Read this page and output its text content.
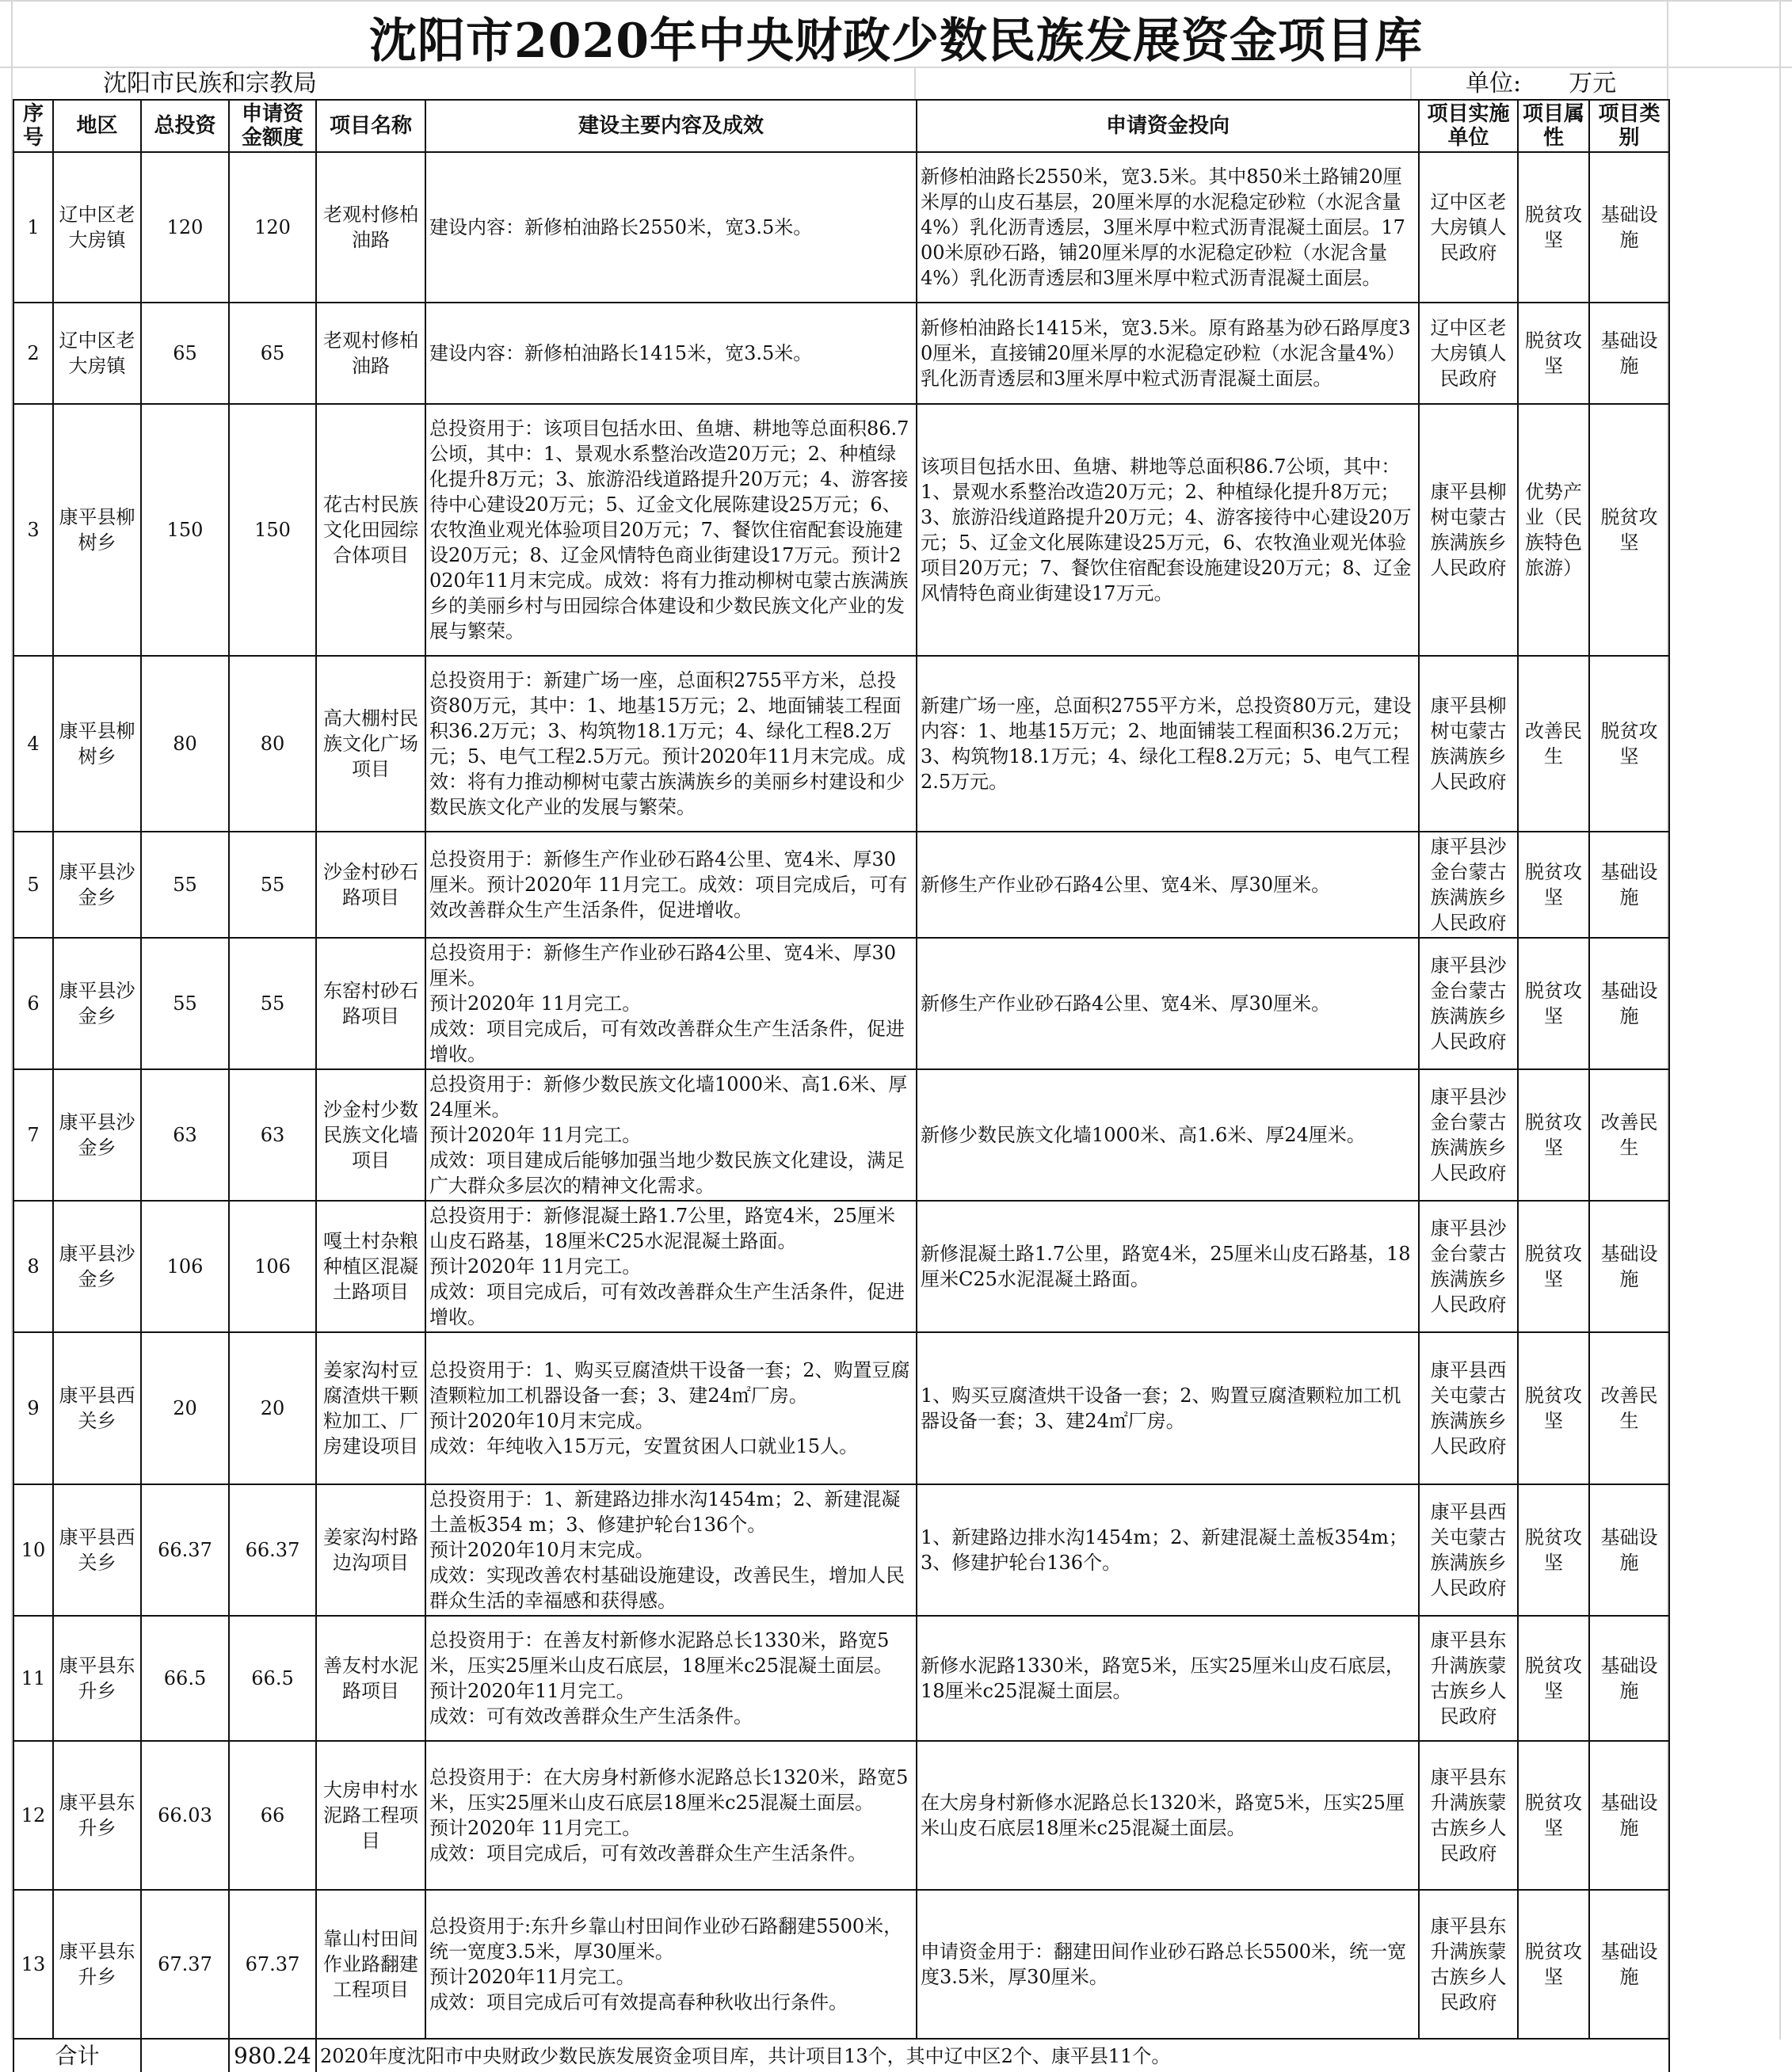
沈阳市2020年中央财政少数民族发展资金项目库
沈阳市民族和宗教局	单位: 万元
序号	地区	总投资	申请资金额度	项目名称	建设主要内容及成效	申请资金投向	项目实施单位	项目属性	项目类别

1	辽中区老大房镇	120	120	老观村修柏油路	建设内容：新修柏油路长2550米，宽3.5米。	新修柏油路长2550米，宽3.5米。其中850米土路铺20厘米厚的山皮石基层，20厘米厚的水泥稳定砂粒（水泥含量4%）乳化沥青透层，3厘米厚中粒式沥青混凝土面层。1700米原砂石路，铺20厘米厚的水泥稳定砂粒（水泥含量4%）乳化沥青透层和3厘米厚中粒式沥青混凝土面层。	辽中区老大房镇人民政府	脱贫攻坚	基础设施

2	辽中区老大房镇	65	65	老观村修柏油路	建设内容：新修柏油路长1415米，宽3.5米。	新修柏油路长1415米，宽3.5米。原有路基为砂石路厚度30厘米，直接铺20厘米厚的水泥稳定砂粒（水泥含量4%）乳化沥青透层和3厘米厚中粒式沥青混凝土面层。	辽中区老大房镇人民政府	脱贫攻坚	基础设施

3	康平县柳树乡	150	150	花古村民族文化田园综合体项目	总投资用于：该项目包括水田、鱼塘、耕地等总面积86.7公顷，其中：1、景观水系整治改造20万元；2、种植绿化提升8万元；3、旅游沿线道路提升20万元；4、游客接待中心建设20万元；5、辽金文化展陈建设25万元；6、农牧渔业观光体验项目20万元；7、餐饮住宿配套设施建设20万元；8、辽金风情特色商业街建设17万元。预计2020年11月末完成。成效：将有力推动柳树屯蒙古族满族乡的美丽乡村与田园综合体建设和少数民族文化产业的发展与繁荣。	该项目包括水田、鱼塘、耕地等总面积86.7公顷，其中：1、景观水系整治改造20万元；2、种植绿化提升8万元；3、旅游沿线道路提升20万元；4、游客接待中心建设20万元；5、辽金文化展陈建设25万元，6、农牧渔业观光体验项目20万元；7、餐饮住宿配套设施建设20万元；8、辽金风情特色商业街建设17万元。	康平县柳树屯蒙古族满族乡人民政府	优势产业（民族特色旅游）	脱贫攻坚

4	康平县柳树乡	80	80	高大棚村民族文化广场项目	总投资用于：新建广场一座，总面积2755平方米，总投资80万元，其中：1、地基15万元；2、地面铺装工程面积36.2万元；3、构筑物18.1万元；4、绿化工程8.2万元；5、电气工程2.5万元。预计2020年11月末完成。成效：将有力推动柳树屯蒙古族满族乡的美丽乡村建设和少数民族文化产业的发展与繁荣。	新建广场一座，总面积2755平方米，总投资80万元，建设内容：1、地基15万元；2、地面铺装工程面积36.2万元；3、构筑物18.1万元；4、绿化工程8.2万元；5、电气工程2.5万元。	康平县柳树屯蒙古族满族乡人民政府	改善民生	脱贫攻坚

5	康平县沙金乡	55	55	沙金村砂石路项目	总投资用于：新修生产作业砂石路4公里、宽4米、厚30厘米。预计2020年 11月完工。成效：项目完成后，可有效改善群众生产生活条件，促进增收。	新修生产作业砂石路4公里、宽4米、厚30厘米。	康平县沙金台蒙古族满族乡人民政府	脱贫攻坚	基础设施

6	康平县沙金乡	55	55	东窑村砂石路项目	总投资用于：新修生产作业砂石路4公里、宽4米、厚30厘米。
预计2020年 11月完工。
成效：项目完成后，可有效改善群众生产生活条件，促进增收。	新修生产作业砂石路4公里、宽4米、厚30厘米。	康平县沙金台蒙古族满族乡人民政府	脱贫攻坚	基础设施

7	康平县沙金乡	63	63	沙金村少数民族文化墙项目	总投资用于：新修少数民族文化墙1000米、高1.6米、厚24厘米。
预计2020年 11月完工。
成效：项目建成后能够加强当地少数民族文化建设，满足广大群众多层次的精神文化需求。	新修少数民族文化墙1000米、高1.6米、厚24厘米。	康平县沙金台蒙古族满族乡人民政府	脱贫攻坚	改善民生

8	康平县沙金乡	106	106	嘎土村杂粮种植区混凝土路项目	总投资用于：新修混凝土路1.7公里，路宽4米，25厘米山皮石路基，18厘米C25水泥混凝土路面。
预计2020年 11月完工。
成效：项目完成后，可有效改善群众生产生活条件，促进增收。	新修混凝土路1.7公里，路宽4米，25厘米山皮石路基，18厘米C25水泥混凝土路面。	康平县沙金台蒙古族满族乡人民政府	脱贫攻坚	基础设施

9	康平县西关乡	20	20	姜家沟村豆腐渣烘干颗粒加工、厂房建设项目	总投资用于：1、购买豆腐渣烘干设备一套；2、购置豆腐渣颗粒加工机器设备一套；3、建24㎡厂房。
预计2020年10月末完成。
成效：年纯收入15万元，安置贫困人口就业15人。	1、购买豆腐渣烘干设备一套；2、购置豆腐渣颗粒加工机器设备一套；3、建24㎡厂房。	康平县西关屯蒙古族满族乡人民政府	脱贫攻坚	改善民生

10	康平县西关乡	66.37	66.37	姜家沟村路边沟项目	总投资用于：1、新建路边排水沟1454m；2、新建混凝土盖板354 m；3、修建护轮台136个。
预计2020年10月末完成。
成效：实现改善农村基础设施建设，改善民生，增加人民群众生活的幸福感和获得感。	1、新建路边排水沟1454m；2、新建混凝土盖板354m；3、修建护轮台136个。	康平县西关屯蒙古族满族乡人民政府	脱贫攻坚	基础设施

11	康平县东升乡	66.5	66.5	善友村水泥路项目	总投资用于：在善友村新修水泥路总长1330米，路宽5米，压实25厘米山皮石底层，18厘米c25混凝土面层。
预计2020年11月完工。
成效：可有效改善群众生产生活条件。	新修水泥路1330米，路宽5米，压实25厘米山皮石底层，18厘米c25混凝土面层。	康平县东升满族蒙古族乡人民政府	脱贫攻坚	基础设施

12	康平县东升乡	66.03	66	大房申村水泥路工程项目	总投资用于：在大房身村新修水泥路总长1320米，路宽5米，压实25厘米山皮石底层18厘米c25混凝土面层。
预计2020年 11月完工。
成效：项目完成后，可有效改善群众生产生活条件。	在大房身村新修水泥路总长1320米，路宽5米，压实25厘米山皮石底层18厘米c25混凝土面层。	康平县东升满族蒙古族乡人民政府	脱贫攻坚	基础设施

13	康平县东升乡	67.37	67.37	靠山村田间作业路翻建工程项目	总投资用于:东升乡靠山村田间作业砂石路翻建5500米，统一宽度3.5米，厚30厘米。
预计2020年11月完工。
成效：项目完成后可有效提高春种秋收出行条件。	申请资金用于：翻建田间作业砂石路总长5500米，统一宽度3.5米，厚30厘米。	康平县东升满族蒙古族乡人民政府	脱贫攻坚	基础设施

合计			980.24	2020年度沈阳市中央财政少数民族发展资金项目库，共计项目13个，其中辽中区2个、康平县11个。					
